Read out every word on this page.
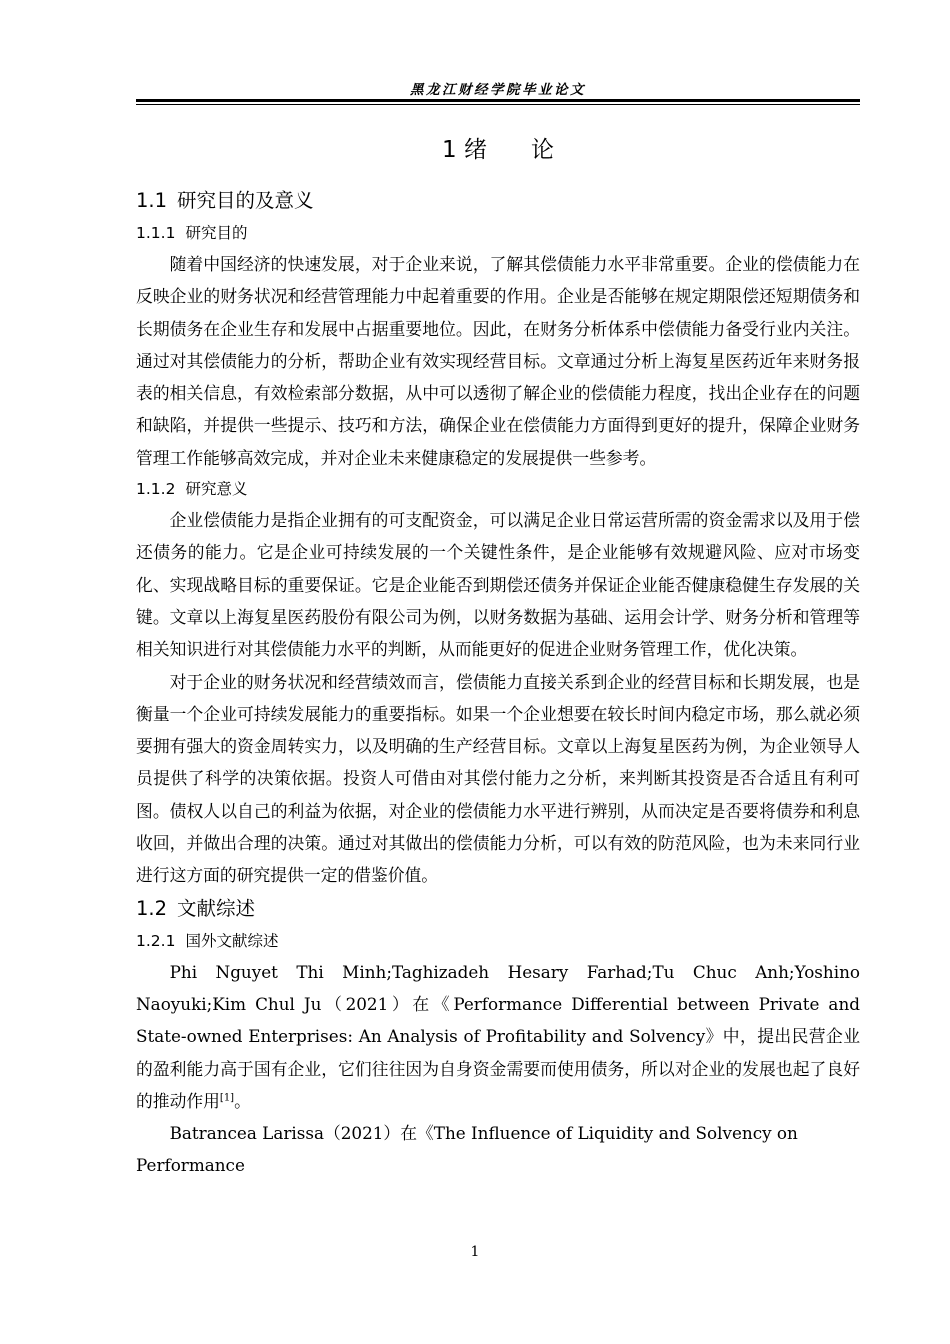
黑龙江财经学院毕业论文
1 绪 论
1.1 研究目的及意义
1.1.1 研究目的

随着中国经济的快速发展，对于企业来说，了解其偿债能力水平非常重要。企业的偿债能力在反映企业的财务状况和经营管理能力中起着重要的作用。企业是否能够在规定期限偿还短期债务和长期债务在企业生存和发展中占据重要地位。因此，在财务分析体系中偿债能力备受行业内关注。通过对其偿债能力的分析，帮助企业有效实现经营目标。文章通过分析上海复星医药近年来财务报表的相关信息，有效检索部分数据，从中可以透彻了解企业的偿债能力程度，找出企业存在的问题和缺陷，并提供一些提示、技巧和方法，确保企业在偿债能力方面得到更好的提升，保障企业财务管理工作能够高效完成，并对企业未来健康稳定的发展提供一些参考。

1.1.2 研究意义

企业偿债能力是指企业拥有的可支配资金，可以满足企业日常运营所需的资金需求以及用于偿还债务的能力。它是企业可持续发展的一个关键性条件，是企业能够有效规避风险、应对市场变化、实现战略目标的重要保证。它是企业能否到期偿还债务并保证企业能否健康稳健生存发展的关键。文章以上海复星医药股份有限公司为例，以财务数据为基础、运用会计学、财务分析和管理等相关知识进行对其偿债能力水平的判断，从而能更好的促进企业财务管理工作，优化决策。

对于企业的财务状况和经营绩效而言，偿债能力直接关系到企业的经营目标和长期发展，也是衡量一个企业可持续发展能力的重要指标。如果一个企业想要在较长时间内稳定市场，那么就必须要拥有强大的资金周转实力，以及明确的生产经营目标。文章以上海复星医药为例，为企业领导人员提供了科学的决策依据。投资人可借由对其偿付能力之分析，来判断其投资是否合适且有利可图。债权人以自己的利益为依据，对企业的偿债能力水平进行辨别，从而决定是否要将债券和利息收回，并做出合理的决策。通过对其做出的偿债能力分析，可以有效的防范风险，也为未来同行业进行这方面的研究提供一定的借鉴价值。

1.2 文献综述
1.2.1 国外文献综述

Phi Nguyet Thi Minh;Taghizadeh Hesary Farhad;Tu Chuc Anh;Yoshino Naoyuki;Kim Chul Ju（2021）在《Performance Differential between Private and State-owned Enterprises: An Analysis of Profitability and Solvency》中，提出民营企业的盈利能力高于国有企业，它们往往因为自身资金需要而使用债务，所以对企业的发展也起了良好的推动作用[1]。

Batrancea Larissa（2021）在《The Influence of Liquidity and Solvency on Performance

1
